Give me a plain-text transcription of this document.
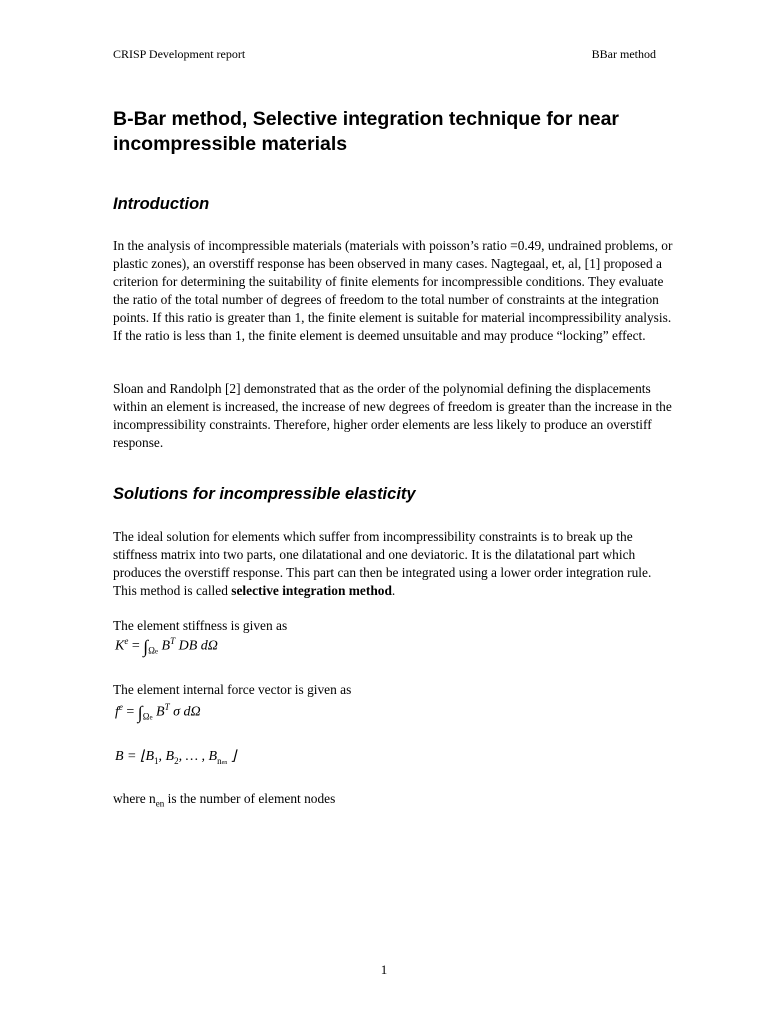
CRISP Development report	BBar method
B-Bar method, Selective integration technique for near incompressible materials
Introduction

In the analysis of incompressible materials (materials with poisson’s ratio =0.49, undrained problems, or plastic zones), an overstiff response has been observed in many cases. Nagtegaal, et, al, [1] proposed a criterion for determining the suitability of finite elements for incompressible conditions. They evaluate the ratio of the total number of degrees of freedom to the total number of constraints at the integration points. If this ratio is greater than 1, the finite element is suitable for material incompressibility analysis. If the ratio is less than 1, the finite element is deemed unsuitable and may produce “locking” effect.

Sloan and Randolph [2] demonstrated that as the order of the polynomial defining the displacements within an element is increased, the increase of new degrees of freedom is greater than the increase in the incompressibility constraints. Therefore, higher order elements are less likely to produce an overstiff response.

Solutions for incompressible elasticity

The ideal solution for elements which suffer from incompressibility constraints is to break up the stiffness matrix into two parts, one dilatational and one deviatoric. It is the dilatational part which produces the overstiff response. This part can then be integrated using a lower order integration rule. This method is called selective integration method.

The element stiffness is given as

$K^e = \int_{\Omega e}$ $B^T$ DB dΩ

The element internal force vector is given as

$f^e = \int_{\Omega e}$ $B^T$ σ dΩ
$B = ⌊B_1$, $B_2$, … , $B_{nen}$ ⌋

where $n_{en}$ is the number of element nodes

1
